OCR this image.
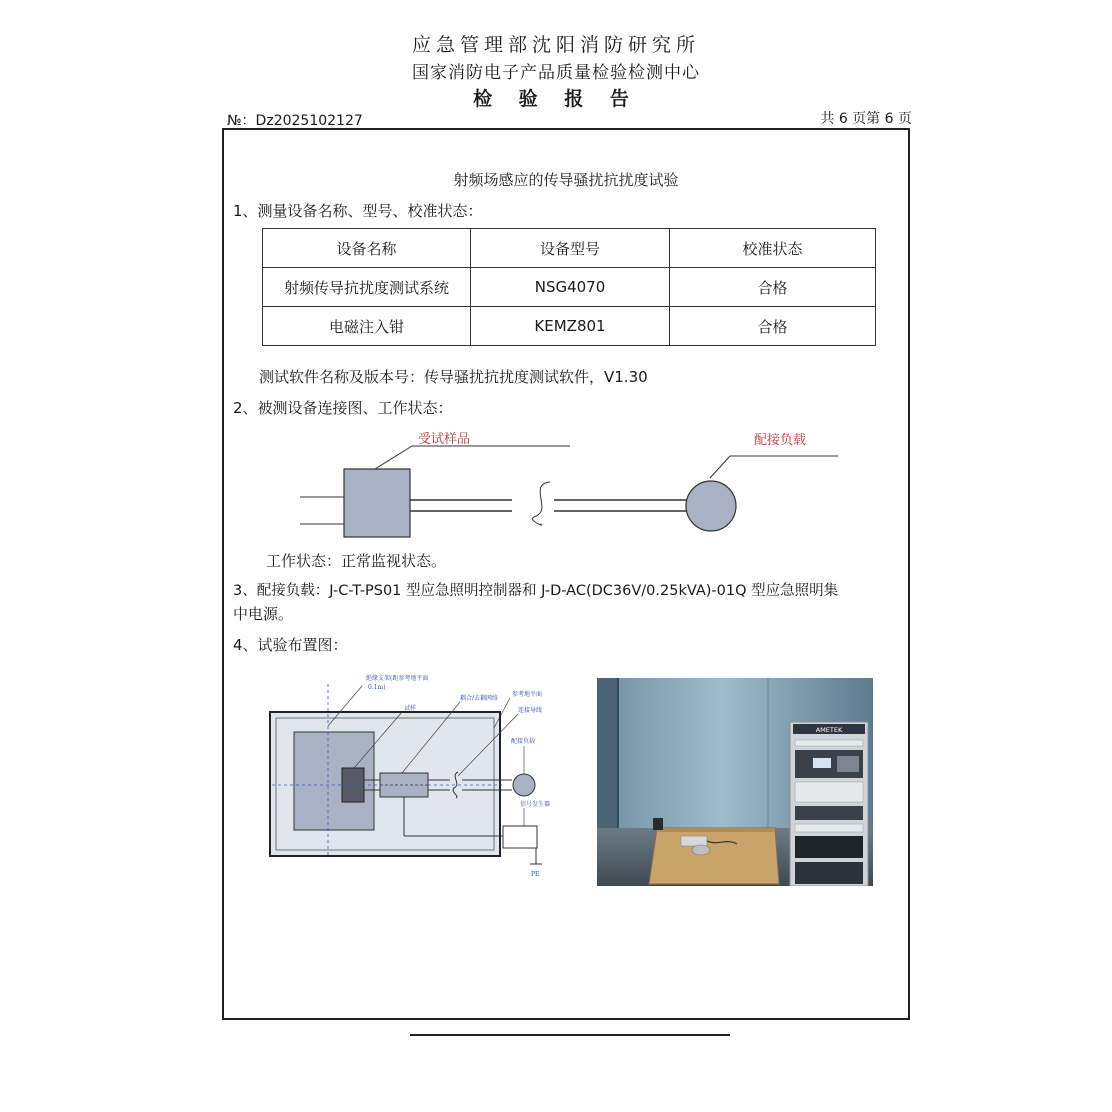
应急管理部沈阳消防研究所
国家消防电子产品质量检验检测中心
检 验 报 告
№：Dz2025102127	共 6 页第 6 页
射频场感应的传导骚扰抗扰度试验
1、测量设备名称、型号、校准状态：
设备名称	设备型号	校准状态
射频传导抗扰度测试系统	NSG4070	合格
电磁注入钳	KEMZ801	合格
测试软件名称及版本号：传导骚扰抗扰度测试软件，V1.30
2、被测设备连接图、工作状态：
受试样品	配接负载
工作状态：正常监视状态。
3、配接负载：J-C-T-PS01 型应急照明控制器和 J-D-AC(DC36V/0.25kVA)-01Q 型应急照明集
中电源。
4、试验布置图：
绝缘支架(距参考地平面
0.1m)
试样
耦合/去耦网络
参考地平面
连接导线
配接负载
信号发生器
PE
AMETEK
